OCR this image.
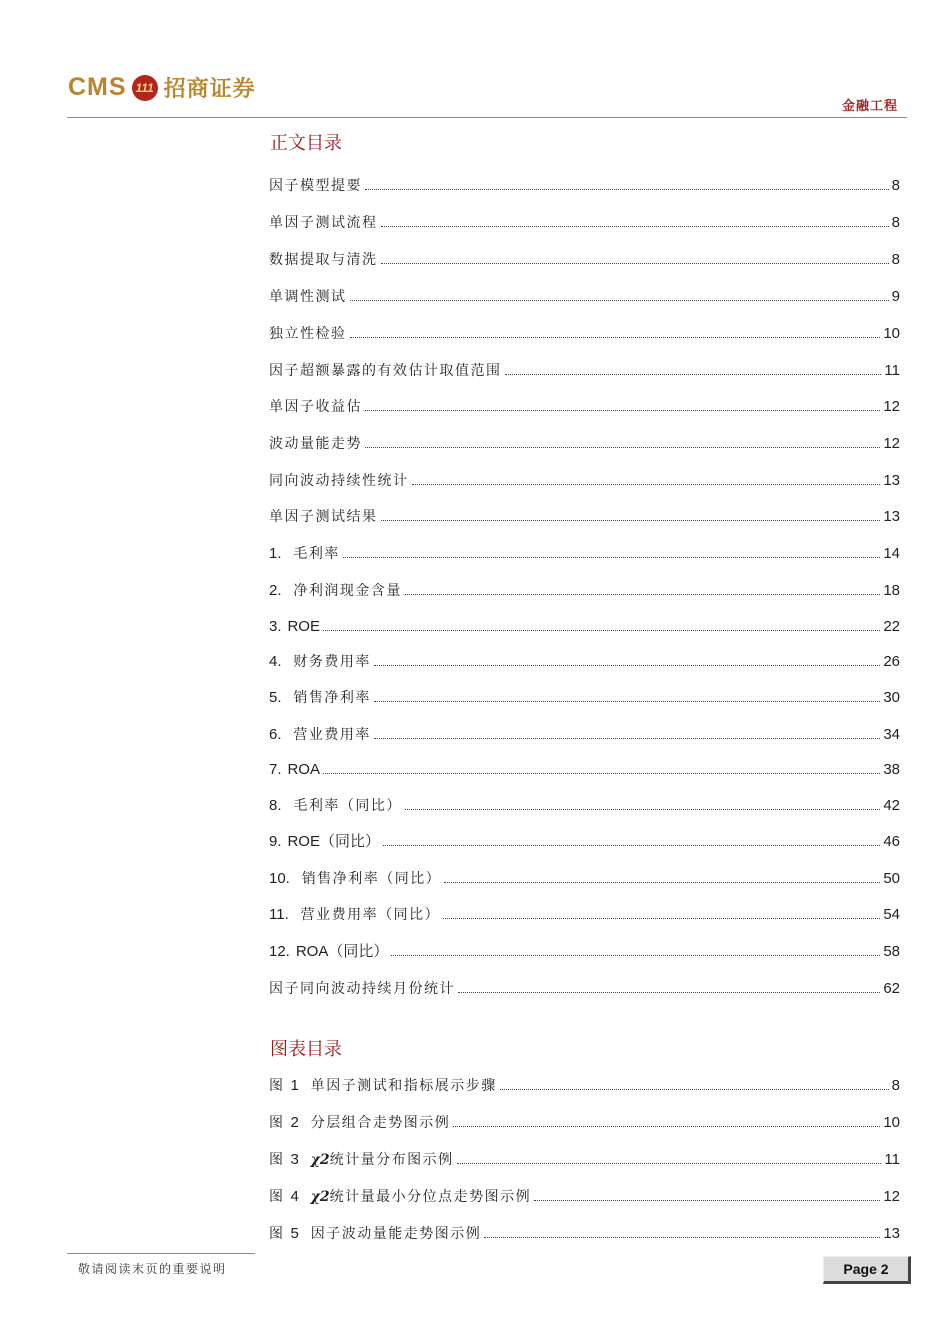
CMS 111 招商证券
金融工程
正文目录
因子模型提要	8
单因子测试流程	8
数据提取与清洗	8
单调性测试	9
独立性检验	10
因子超额暴露的有效估计取值范围	11
单因子收益估	12
波动量能走势	12
同向波动持续性统计	13
单因子测试结果	13
1. 毛利率	14
2. 净利润现金含量	18
3. ROE	22
4. 财务费用率	26
5. 销售净利率	30
6. 营业费用率	34
7. ROA	38
8. 毛利率（同比）	42
9. ROE（同比）	46
10. 销售净利率（同比）	50
11. 营业费用率（同比）	54
12. ROA（同比）	58
因子同向波动持续月份统计	62
图表目录
图 1 单因子测试和指标展示步骤	8
图 2 分层组合走势图示例	10
图 3 χ2统计量分布图示例	11
图 4 χ2统计量最小分位点走势图示例	12
图 5 因子波动量能走势图示例	13
敬请阅读末页的重要说明	Page 2
